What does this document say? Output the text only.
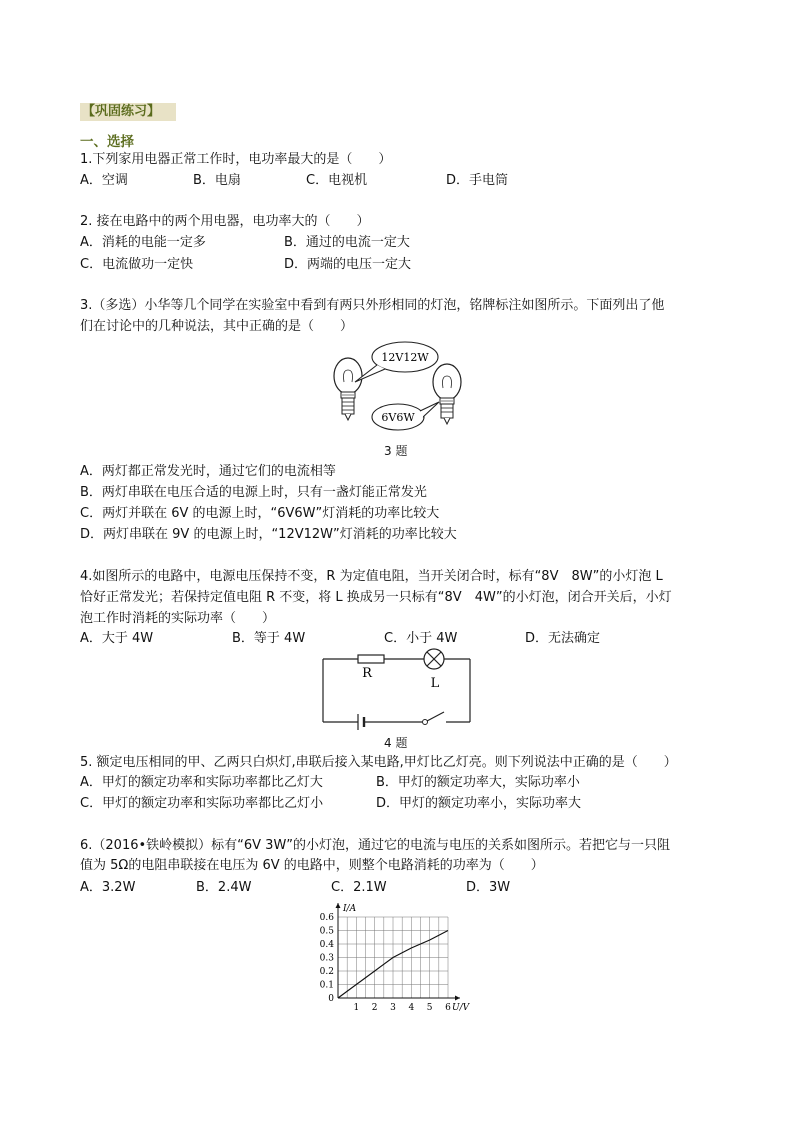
【巩固练习】
一、选择
1.下列家用电器正常工作时，电功率最大的是（　　）
A．空调	B．电扇	C．电视机	D．手电筒
2. 接在电路中的两个用电器，电功率大的（　　）
A．消耗的电能一定多	B．通过的电流一定大
C．电流做功一定快	D．两端的电压一定大
3.（多选）小华等几个同学在实验室中看到有两只外形相同的灯泡，铭牌标注如图所示。下面列出了他
们在讨论中的几种说法，其中正确的是（　　）
12V12W
6V6W
3 题
A．两灯都正常发光时，通过它们的电流相等
B．两灯串联在电压合适的电源上时，只有一盏灯能正常发光
C．两灯并联在 6V 的电源上时，“6V6W”灯消耗的功率比较大
D．两灯串联在 9V 的电源上时，“12V12W”灯消耗的功率比较大
4.如图所示的电路中，电源电压保持不变，R 为定值电阻，当开关闭合时，标有“8V　8W”的小灯泡 L
恰好正常发光；若保持定值电阻 R 不变，将 L 换成另一只标有“8V　4W”的小灯泡，闭合开关后，小灯
泡工作时消耗的实际功率（　　）
A．大于 4W	B．等于 4W	C．小于 4W	D．无法确定
R
L
4 题
5. 额定电压相同的甲、乙两只白炽灯,串联后接入某电路,甲灯比乙灯亮。则下列说法中正确的是（　　）
A．甲灯的额定功率和实际功率都比乙灯大	B．甲灯的额定功率大，实际功率小
C．甲灯的额定功率和实际功率都比乙灯小	D．甲灯的额定功率小，实际功率大
6.（2016•铁岭模拟）标有“6V 3W”的小灯泡，通过它的电流与电压的关系如图所示。若把它与一只阻
值为 5Ω的电阻串联接在电压为 6V 的电路中，则整个电路消耗的功率为（　　）
A．3.2W	B．2.4W	C．2.1W	D．3W
1 2 3 4 5 6
0.1
0.2
0.3
0.4
0.5
0.6
0
I/A
U/V
